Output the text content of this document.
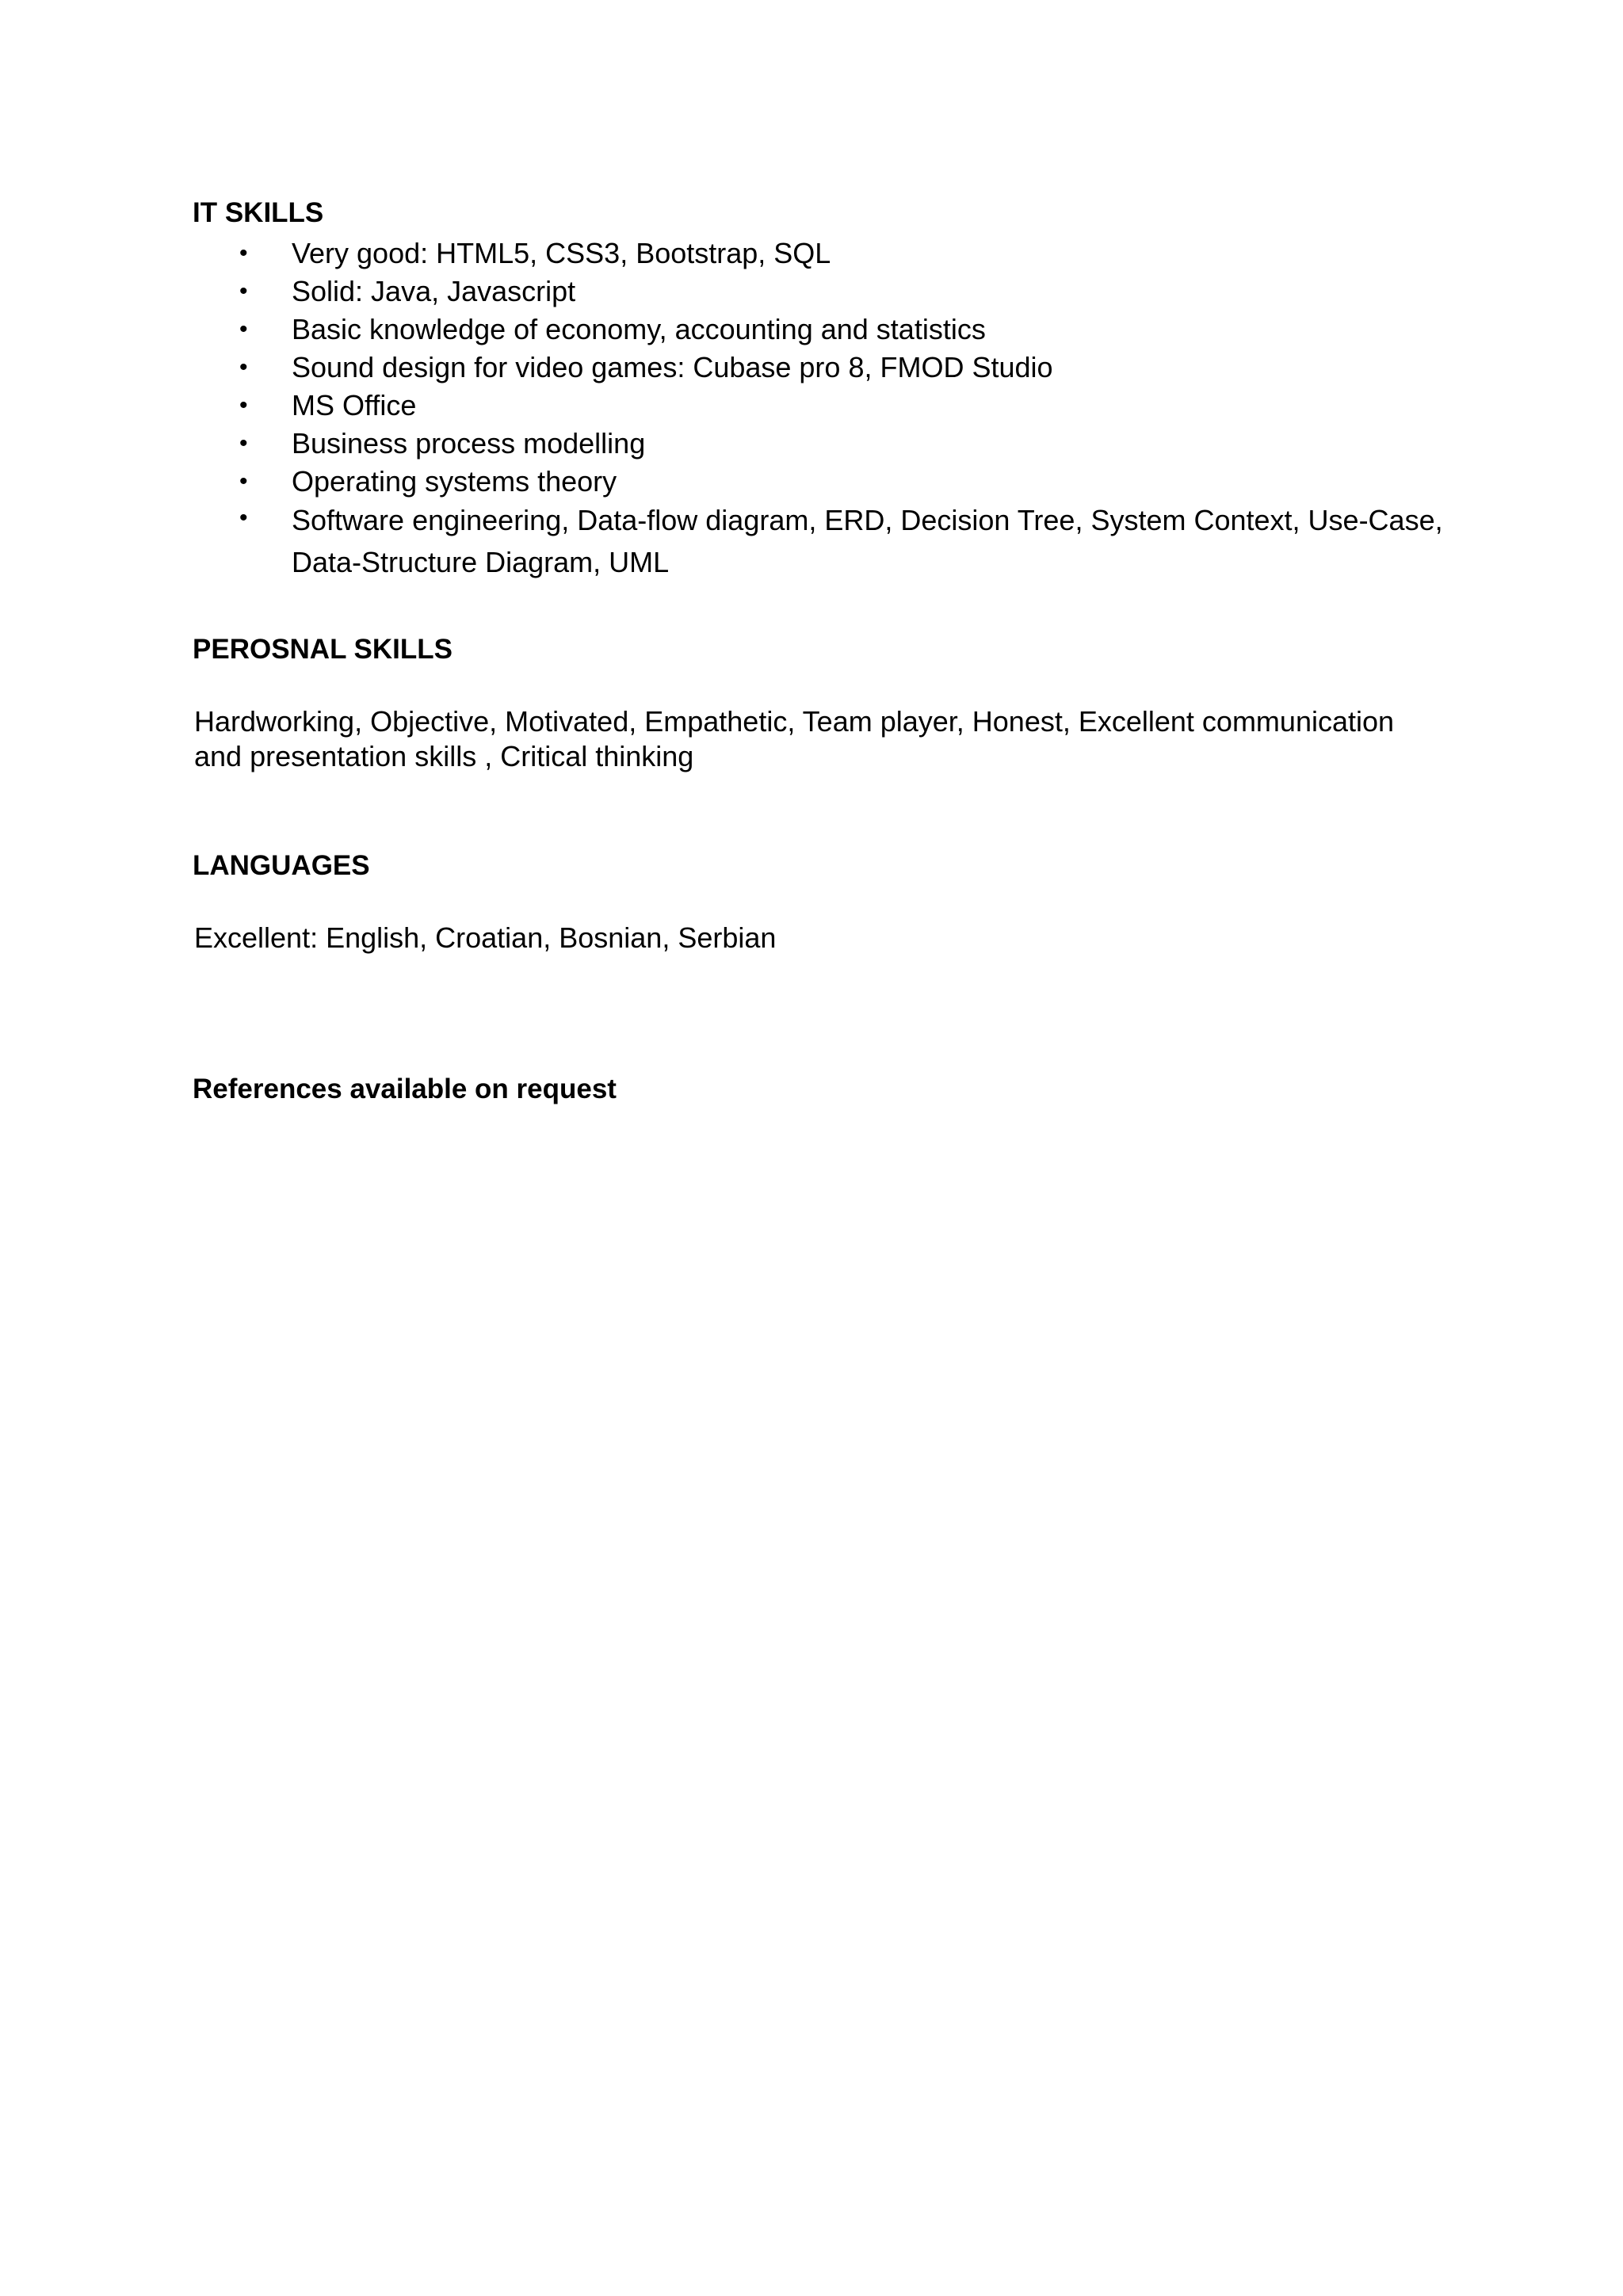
IT SKILLS
• Very good: HTML5, CSS3, Bootstrap, SQL
• Solid: Java, Javascript
• Basic knowledge of economy, accounting and statistics
• Sound design for video games: Cubase pro 8, FMOD Studio
• MS Office
• Business process modelling
• Operating systems theory
• Software engineering, Data-flow diagram, ERD, Decision Tree, System Context, Use-Case, Data-Structure Diagram, UML
PEROSNAL SKILLS
Hardworking, Objective, Motivated, Empathetic, Team player, Honest, Excellent communication and presentation skills , Critical thinking
LANGUAGES
Excellent: English, Croatian, Bosnian, Serbian
References available on request
